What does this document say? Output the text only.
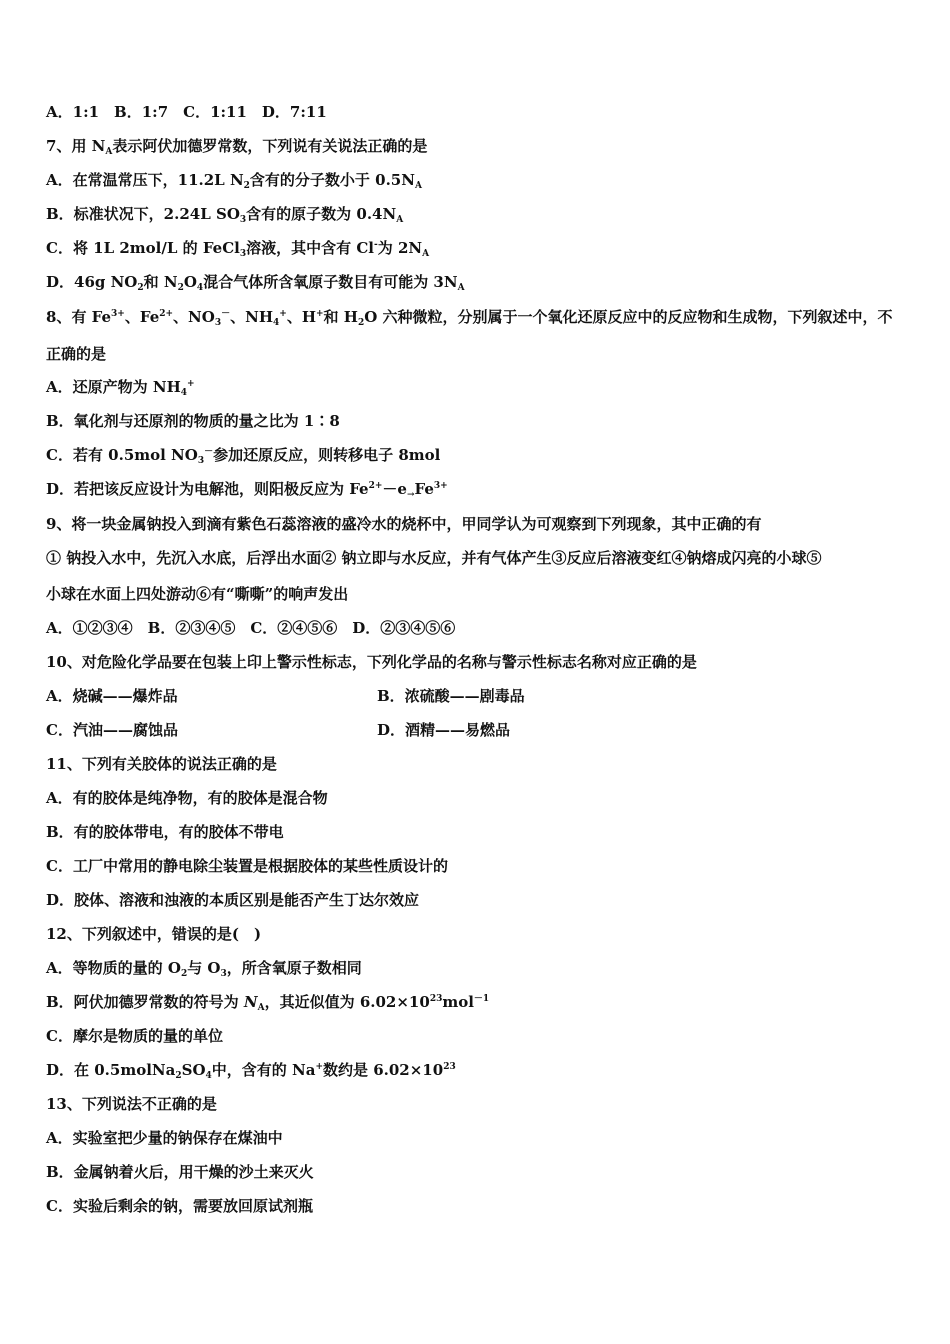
A．1:1　B．1:7　C．1:11　D．7:11
7、用 $N_A$表示阿伏加德罗常数，下列说有关说法正确的是
A．在常温常压下，11.2L $N_2$含有的分子数小于 $0.5N_A$
B．标准状况下，2.24L $SO_3$含有的原子数为 $0.4N_A$
C．将 1L 2mol/L 的 FeCl$_3$溶液，其中含有 Cl-为 $2N_A$
D．46g $NO_2$和 $N_2O_4$混合气体所含氧原子数目有可能为 $3N_A$
8、有 $Fe^{3+}$、$Fe^{2+}$、$NO_3^-$、$NH_4^+$、H+和 $H_2O$ 六种微粒，分别属于一个氧化还原反应中的反应物和生成物，下列叙述中，不
正确的是
A．还原产物为 $NH_4^+$
B．氧化剂与还原剂的物质的量之比为 1∶8
C．若有 0.5mol $NO_3^-$参加还原反应，则转移电子 8mol
D．若把该反应设计为电解池，则阳极反应为 $Fe^{2+}-e_\to Fe^{3+}$
9、将一块金属钠投入到滴有紫色石蕊溶液的盛冷水的烧杯中，甲同学认为可观察到下列现象，其中正确的有
① 钠投入水中，先沉入水底，后浮出水面② 钠立即与水反应，并有气体产生③反应后溶液变红④钠熔成闪亮的小球⑤
小球在水面上四处游动⑥有“嘶嘶”的响声发出
A．①②③④　B．②③④⑤　C．②④⑤⑥　D．②③④⑤⑥
10、对危险化学品要在包装上印上警示性标志，下列化学品的名称与警示性标志名称对应正确的是
A．烧碱——爆炸品	B．浓硫酸——剧毒品
C．汽油——腐蚀品	D．酒精——易燃品
11、下列有关胶体的说法正确的是
A．有的胶体是纯净物，有的胶体是混合物
B．有的胶体带电，有的胶体不带电
C．工厂中常用的静电除尘装置是根据胶体的某些性质设计的
D．胶体、溶液和浊液的本质区别是能否产生丁达尔效应
12、下列叙述中，错误的是(　)
A．等物质的量的 $O_2$与 $O_3$，所含氧原子数相同
B．阿伏加德罗常数的符号为 $N_A$，其近似值为 $6.02\times 10^{23}mol^{-1}$
C．摩尔是物质的量的单位
D．在 $0.5molNa_2SO_4$中，含有的 Na+数约是 $6.02\times 10^{23}$
13、下列说法不正确的是
A．实验室把少量的钠保存在煤油中
B．金属钠着火后，用干燥的沙土来灭火
C．实验后剩余的钠，需要放回原试剂瓶
